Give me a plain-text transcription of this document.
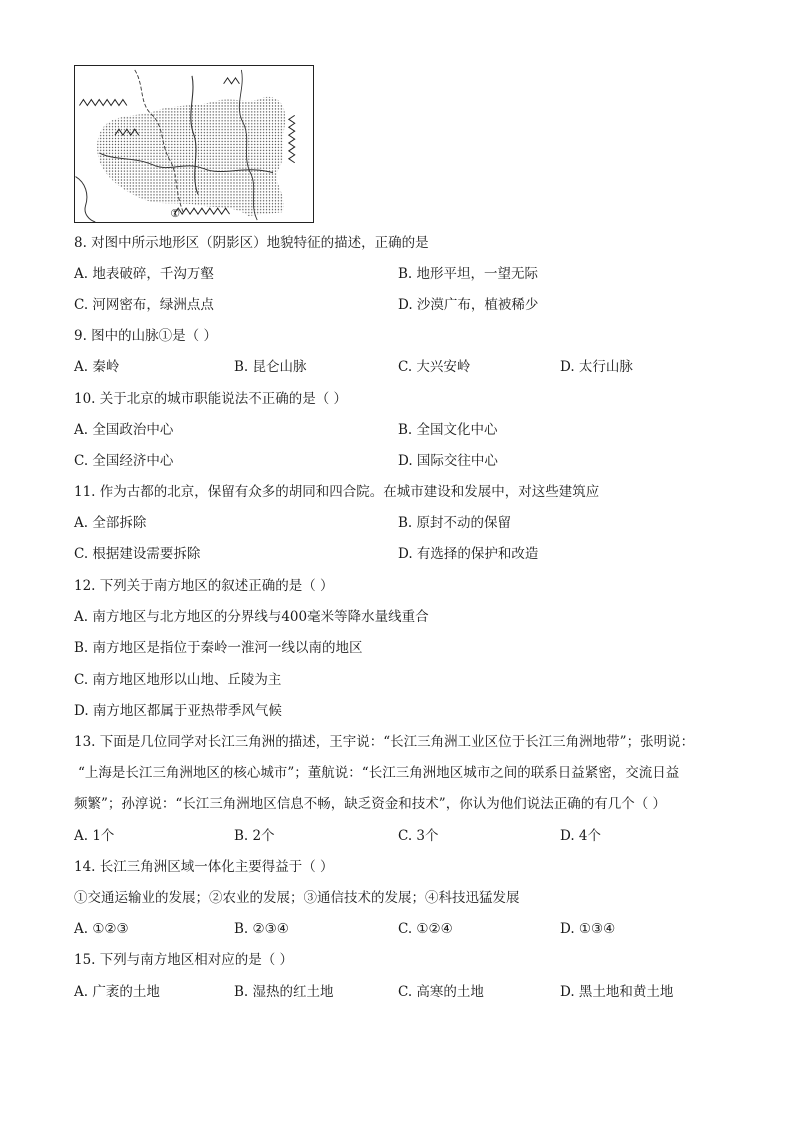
①
8. 对图中所示地形区（阴影区）地貌特征的描述，正确的是
A. 地表破碎，千沟万壑	B. 地形平坦，一望无际
C. 河网密布，绿洲点点	D. 沙漠广布，植被稀少
9. 图中的山脉①是（ ）
A. 秦岭	B. 昆仑山脉	C. 大兴安岭	D. 太行山脉
10. 关于北京的城市职能说法不正确的是（ ）
A. 全国政治中心	B. 全国文化中心
C. 全国经济中心	D. 国际交往中心
11. 作为古都的北京，保留有众多的胡同和四合院。在城市建设和发展中，对这些建筑应
A. 全部拆除	B. 原封不动的保留
C. 根据建设需要拆除	D. 有选择的保护和改造
12. 下列关于南方地区的叙述正确的是（ ）
A. 南方地区与北方地区的分界线与400毫米等降水量线重合
B. 南方地区是指位于秦岭一淮河一线以南的地区
C. 南方地区地形以山地、丘陵为主
D. 南方地区都属于亚热带季风气候
13. 下面是几位同学对长江三角洲的描述，王宇说：“长江三角洲工业区位于长江三角洲地带”；张明说：
“上海是长江三角洲地区的核心城市”；董航说：“长江三角洲地区城市之间的联系日益紧密，交流日益
频繁”；孙淳说：“长江三角洲地区信息不畅，缺乏资金和技术”，你认为他们说法正确的有几个（ ）
A. 1个	B. 2个	C. 3个	D. 4个
14. 长江三角洲区域一体化主要得益于（ ）
①交通运输业的发展；②农业的发展；③通信技术的发展；④科技迅猛发展
A. ①②③	B. ②③④	C. ①②④	D. ①③④
15. 下列与南方地区相对应的是（ ）
A. 广袤的土地	B. 湿热的红土地	C. 高寒的土地	D. 黑土地和黄土地
